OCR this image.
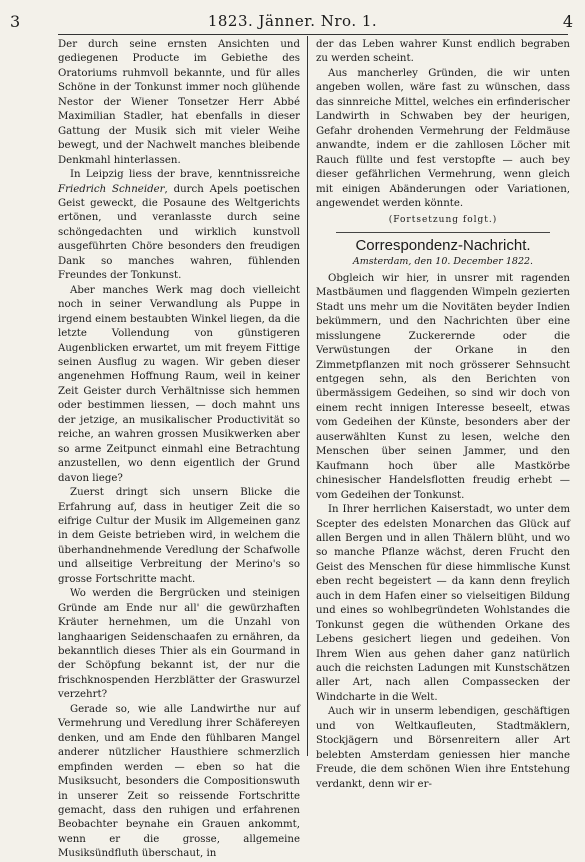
3	1823. Jänner. Nro. 1.	4

Der durch seine ernsten Ansichten und gediegenen Producte im Gebiethe des Oratoriums ruhmvoll bekannte, und für alles Schöne in der Tonkunst immer noch glühende Nestor der Wiener Tonsetzer Herr Abbé Maximilian Stadler, hat ebenfalls in dieser Gattung der Musik sich mit vieler Weihe bewegt, und der Nachwelt manches bleibende Denkmahl hinterlassen.

In Leipzig liess der brave, kenntnissreiche Friedrich Schneider, durch Apels poetischen Geist geweckt, die Posaune des Weltgerichts ertönen, und veranlasste durch seine schöngedachten und wirklich kunstvoll ausgeführten Chöre besonders den freudigen Dank so manches wahren, fühlenden Freundes der Tonkunst.

Aber manches Werk mag doch vielleicht noch in seiner Verwandlung als Puppe in irgend einem bestaubten Winkel liegen, da die letzte Vollendung von günstigeren Augenblicken erwartet, um mit freyem Fittige seinen Ausflug zu wagen. Wir geben dieser angenehmen Hoffnung Raum, weil in keiner Zeit Geister durch Verhältnisse sich hemmen oder bestimmen liessen, — doch mahnt uns der jetzige, an musikalischer Productivität so reiche, an wahren grossen Musikwerken aber so arme Zeitpunct einmahl eine Betrachtung anzustellen, wo denn eigentlich der Grund davon liege?

Zuerst dringt sich unsern Blicke die Erfahrung auf, dass in heutiger Zeit die so eifrige Cultur der Musik im Allgemeinen ganz in dem Geiste betrieben wird, in welchem die überhandnehmende Veredlung der Schafwolle und allseitige Verbreitung der Merino's so grosse Fortschritte macht.

Wo werden die Bergrücken und steinigen Gründe am Ende nur all' die gewürzhaften Kräuter hernehmen, um die Unzahl von langhaarigen Seidenschaafen zu ernähren, da bekanntlich dieses Thier als ein Gourmand in der Schöpfung bekannt ist, der nur die frischknospenden Herzblätter der Graswurzel verzehrt?

Gerade so, wie alle Landwirthe nur auf Vermehrung und Veredlung ihrer Schäfereyen denken, und am Ende den fühlbaren Mangel anderer nützlicher Hausthiere schmerzlich empfinden werden — eben so hat die Musiksucht, besonders die Compositionswuth in unserer Zeit so reissende Fortschritte gemacht, dass den ruhigen und erfahrenen Beobachter beynahe ein Grauen ankommt, wenn er die grosse, allgemeine Musiksündfluth überschaut, in

der das Leben wahrer Kunst endlich begraben zu werden scheint.

Aus mancherley Gründen, die wir unten angeben wollen, wäre fast zu wünschen, dass das sinnreiche Mittel, welches ein erfinderischer Landwirth in Schwaben bey der heurigen, Gefahr drohenden Vermehrung der Feldmäuse anwandte, indem er die zahllosen Löcher mit Rauch füllte und fest verstopfte — auch bey dieser gefährlichen Vermehrung, wenn gleich mit einigen Abänderungen oder Variationen, angewendet werden könnte.

(Fortsetzung folgt.)
Correspondenz-Nachricht.
Amsterdam, den 10. December 1822.

Obgleich wir hier, in unsrer mit ragenden Mastbäumen und flaggenden Wimpeln gezierten Stadt uns mehr um die Novitäten beyder Indien bekümmern, und den Nachrichten über eine misslungene Zuckerernde oder die Verwüstungen der Orkane in den Zimmetpflanzen mit noch grösserer Sehnsucht entgegen sehn, als den Berichten von übermässigem Gedeihen, so sind wir doch von einem recht innigen Interesse beseelt, etwas vom Gedeihen der Künste, besonders aber der auserwählten Kunst zu lesen, welche den Menschen über seinen Jammer, und den Kaufmann hoch über alle Mastkörbe chinesischer Handelsflotten freudig erhebt — vom Gedeihen der Tonkunst.

In Ihrer herrlichen Kaiserstadt, wo unter dem Scepter des edelsten Monarchen das Glück auf allen Bergen und in allen Thälern blüht, und wo so manche Pflanze wächst, deren Frucht den Geist des Menschen für diese himmlische Kunst eben recht begeistert — da kann denn freylich auch in dem Hafen einer so vielseitigen Bildung und eines so wohlbegründeten Wohlstandes die Tonkunst gegen die wüthenden Orkane des Lebens gesichert liegen und gedeihen. Von Ihrem Wien aus gehen daher ganz natürlich auch die reichsten Ladungen mit Kunstschätzen aller Art, nach allen Compassecken der Windcharte in die Welt.

Auch wir in unserm lebendigen, geschäftigen und von Weltkaufleuten, Stadtmäklern, Stockjägern und Börsenreitern aller Art belebten Amsterdam geniessen hier manche Freude, die dem schönen Wien ihre Entstehung verdankt, denn wir er-
